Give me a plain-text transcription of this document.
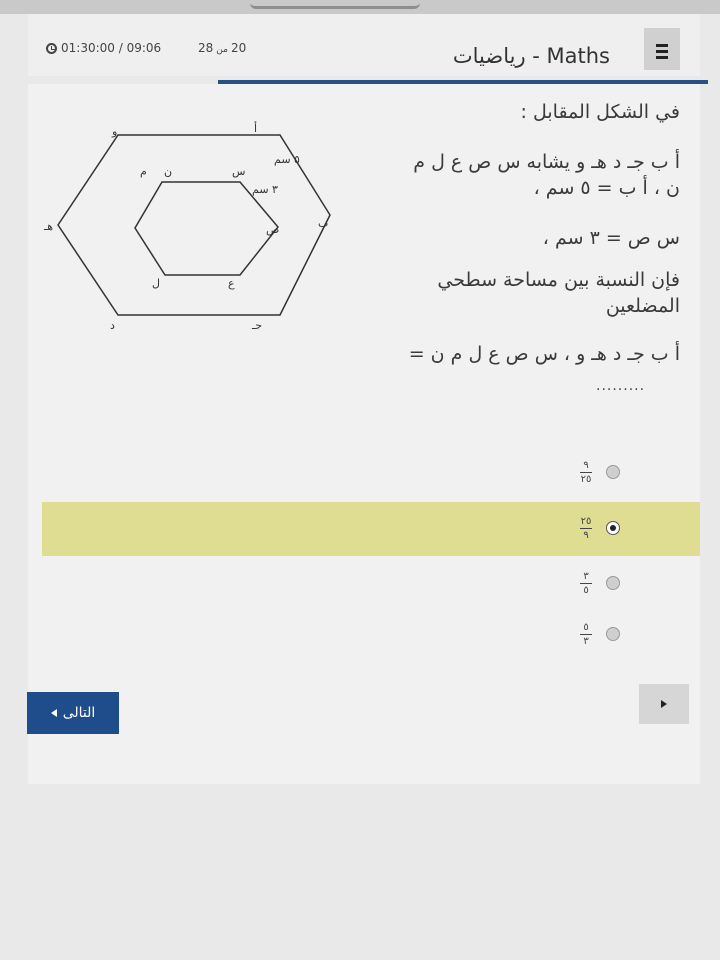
01:30:00 / 09:06	28 من 20	Maths - رياضيات
أ
ب
جـ
د
هـ
و
س
ص
ع
ل
م ن
٥ سم
٣ سم
في الشكل المقابل :
أ ب جـ د هـ و يشابه س ص ع ل م
ن ، أ ب = ٥ سم ،
س ص = ٣ سم ،
فإن النسبة بين مساحة سطحي
المضلعين
أ ب جـ د هـ و ، س ص ع ل م ن =
.........
$\frac{٩}{٢٥}$
$\frac{٢٥}{٩}$
$\frac{٣}{٥}$
$\frac{٥}{٣}$
التالى
